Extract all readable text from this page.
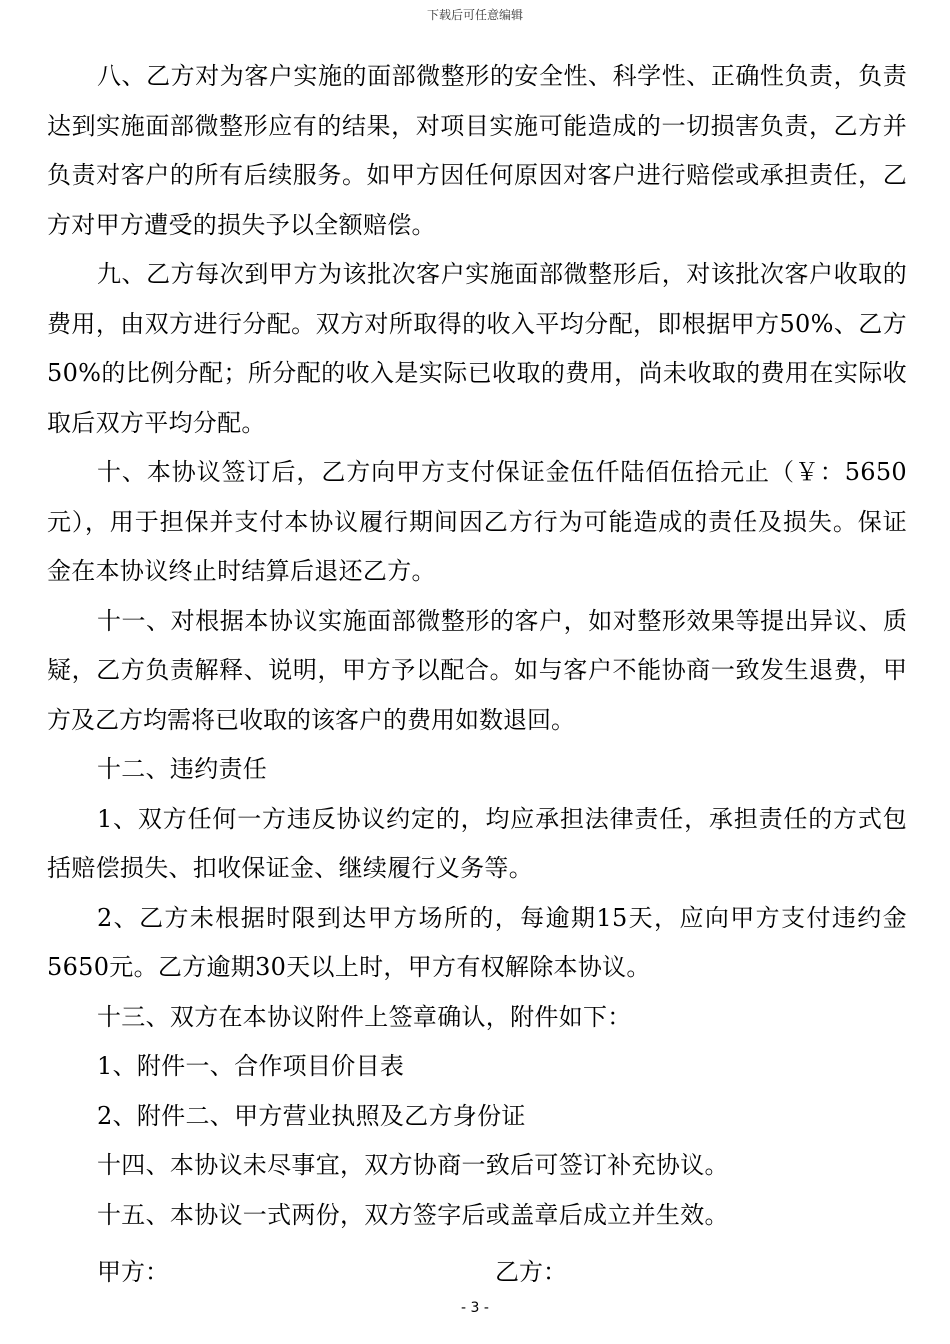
下载后可任意编辑

八、乙方对为客户实施的面部微整形的安全性、科学性、正确性负责，负责达到实施面部微整形应有的结果，对项目实施可能造成的一切损害负责，乙方并负责对客户的所有后续服务。如甲方因任何原因对客户进行赔偿或承担责任，乙方对甲方遭受的损失予以全额赔偿。

九、乙方每次到甲方为该批次客户实施面部微整形后，对该批次客户收取的费用，由双方进行分配。双方对所取得的收入平均分配，即根据甲方50%、乙方50%的比例分配；所分配的收入是实际已收取的费用，尚未收取的费用在实际收取后双方平均分配。

十、本协议签订后，乙方向甲方支付保证金伍仟陆佰伍拾元止（￥：5650元），用于担保并支付本协议履行期间因乙方行为可能造成的责任及损失。保证金在本协议终止时结算后退还乙方。

十一、对根据本协议实施面部微整形的客户，如对整形效果等提出异议、质疑，乙方负责解释、说明，甲方予以配合。如与客户不能协商一致发生退费，甲方及乙方均需将已收取的该客户的费用如数退回。

十二、违约责任

1、双方任何一方违反协议约定的，均应承担法律责任，承担责任的方式包括赔偿损失、扣收保证金、继续履行义务等。

2、乙方未根据时限到达甲方场所的，每逾期15天，应向甲方支付违约金5650元。乙方逾期30天以上时，甲方有权解除本协议。

十三、双方在本协议附件上签章确认，附件如下：

1、附件一、合作项目价目表

2、附件二、甲方营业执照及乙方身份证

十四、本协议未尽事宜，双方协商一致后可签订补充协议。

十五、本协议一式两份，双方签字后或盖章后成立并生效。

甲方：	乙方：
- 3 -
